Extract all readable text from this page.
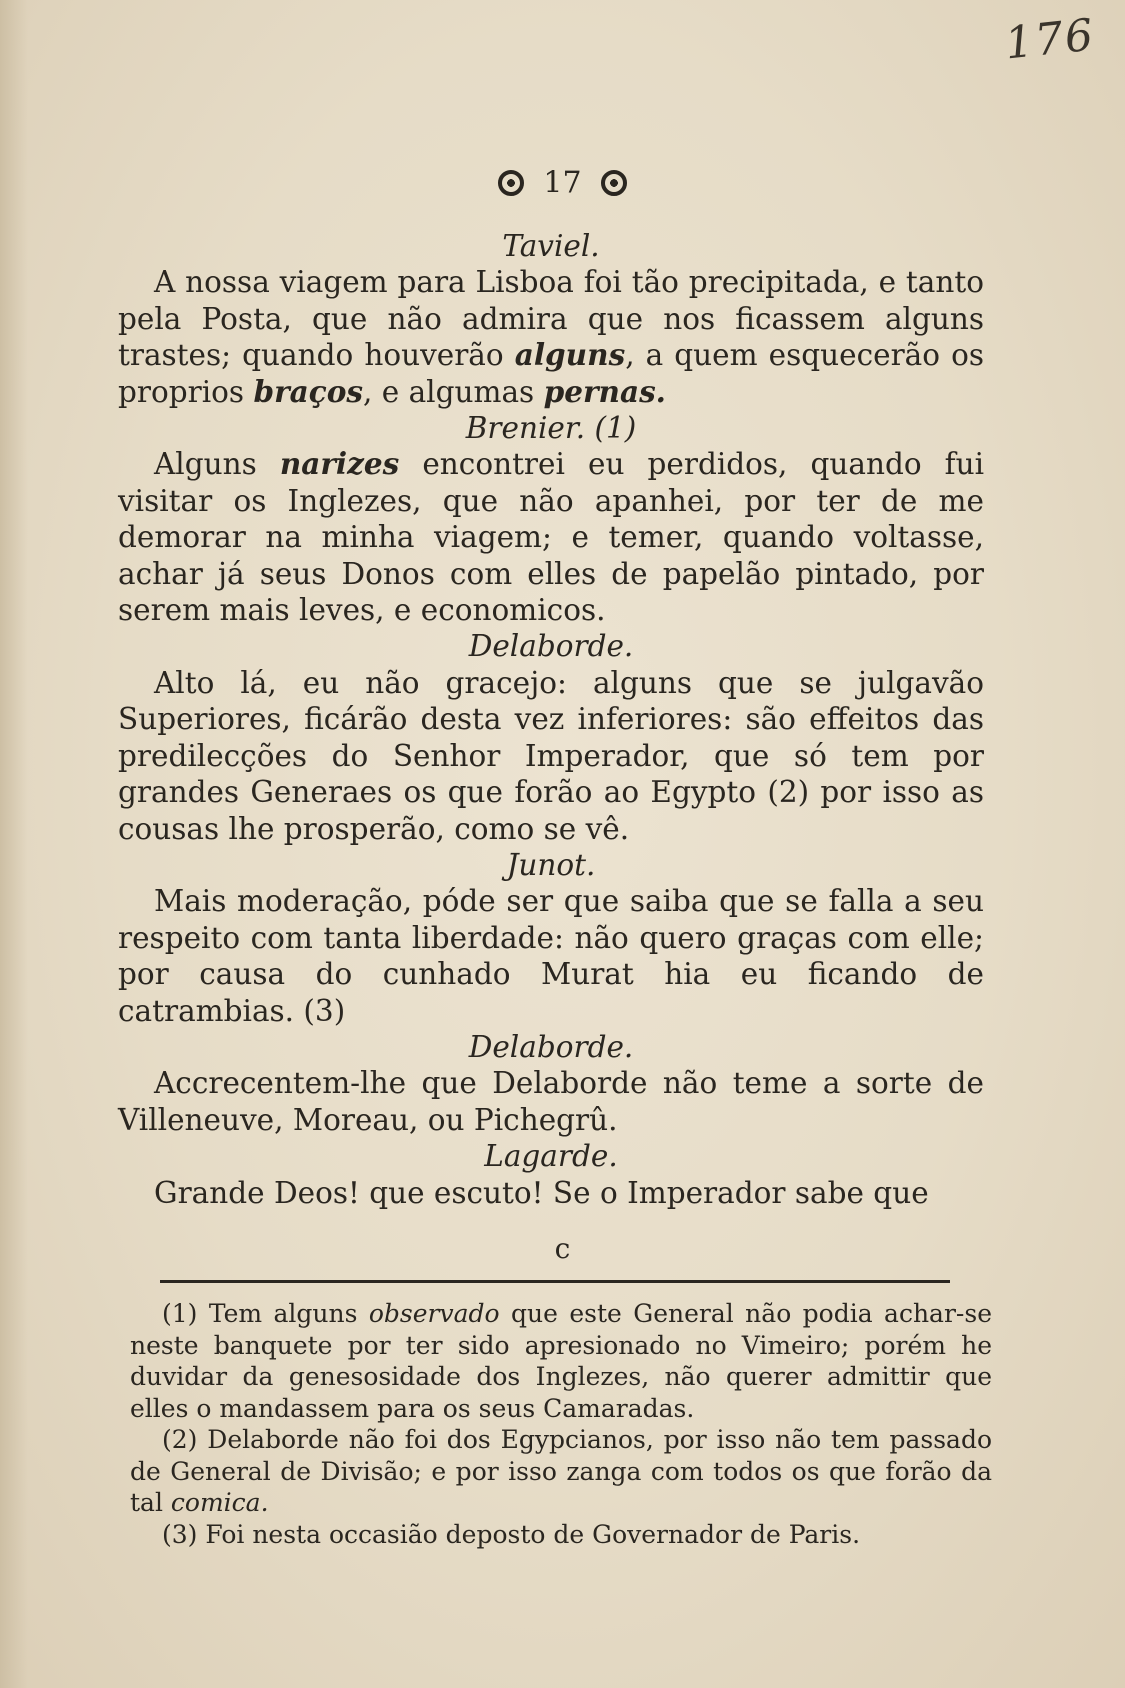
176
17

Taviel.

A nossa viagem para Lisboa foi tão precipitada, e tanto pela Posta, que não admira que nos ficassem alguns trastes; quando houverão alguns, a quem esquecerão os proprios braços, e algumas pernas.

Brenier. (1)

Alguns narizes encontrei eu perdidos, quando fui visitar os Inglezes, que não apanhei, por ter de me demorar na minha viagem; e temer, quando voltasse, achar já seus Donos com elles de papelão pintado, por serem mais leves, e economicos.

Delaborde.

Alto lá, eu não gracejo: alguns que se julgavão Superiores, ficárão desta vez inferiores: são effeitos das predilecções do Senhor Imperador, que só tem por grandes Generaes os que forão ao Egypto (2) por isso as cousas lhe prosperão, como se vê.

Junot.

Mais moderação, póde ser que saiba que se falla a seu respeito com tanta liberdade: não quero graças com elle; por causa do cunhado Murat hia eu ficando de catrambias. (3)

Delaborde.

Accrecentem-lhe que Delaborde não teme a sorte de Villeneuve, Moreau, ou Pichegrû.

Lagarde.

Grande Deos! que escuto! Se o Imperador sabe que

c

(1) Tem alguns observado que este General não podia achar-se neste banquete por ter sido apresionado no Vimeiro; porém he duvidar da genesosidade dos Inglezes, não querer admittir que elles o mandassem para os seus Camaradas.

(2) Delaborde não foi dos Egypcianos, por isso não tem passado de General de Divisão; e por isso zanga com todos os que forão da tal comica.

(3) Foi nesta occasião deposto de Governador de Paris.
